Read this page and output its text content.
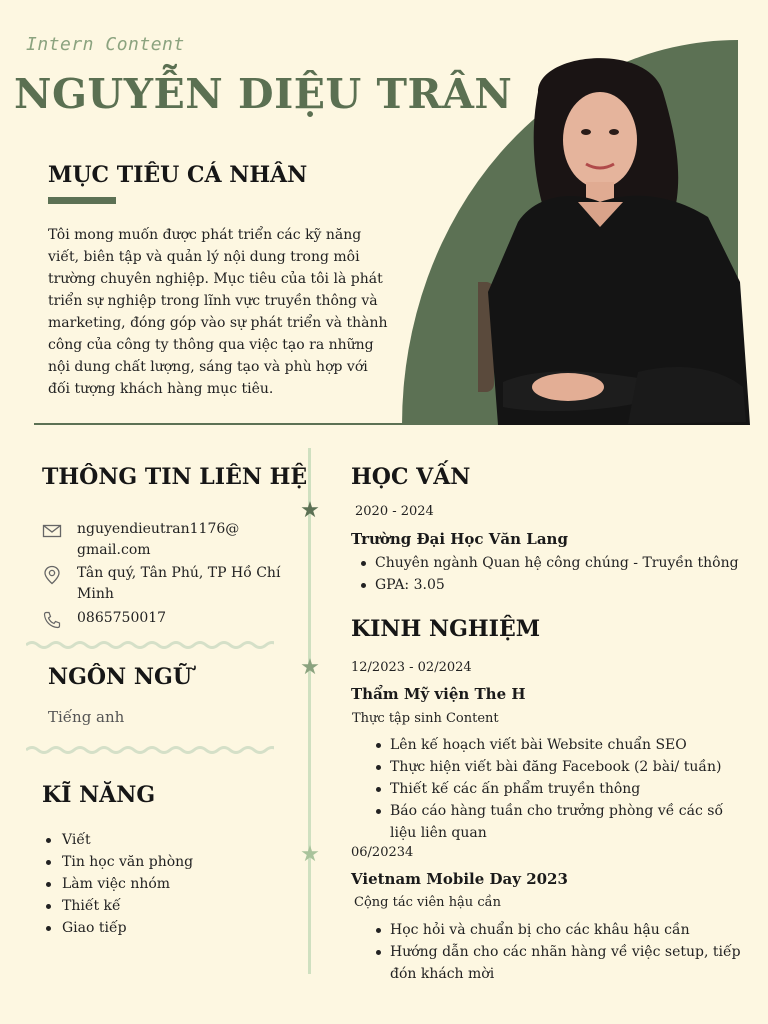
Intern Content
NGUYỄN DIỆU TRÂN
MỤC TIÊU CÁ NHÂN
Tôi mong muốn được phát triển các kỹ năng viết, biên tập và quản lý nội dung trong môi trường chuyên nghiệp. Mục tiêu của tôi là phát triển sự nghiệp trong lĩnh vực truyền thông và marketing, đóng góp vào sự phát triển và thành công của công ty thông qua việc tạo ra những nội dung chất lượng, sáng tạo và phù hợp với đối tượng khách hàng mục tiêu.
★
★
★
THÔNG TIN LIÊN HỆ
nguyendieutran1176@ gmail.com
Tân quý, Tân Phú, TP Hồ Chí Minh
0865750017
NGÔN NGỮ
Tiếng anh
KĨ NĂNG
Viết
Tin học văn phòng
Làm việc nhóm
Thiết kế
Giao tiếp
HỌC VẤN
2020 - 2024
Trường Đại Học Văn Lang
Chuyên ngành Quan hệ công chúng - Truyền thông
GPA: 3.05
KINH NGHIỆM
12/2023 - 02/2024
Thẩm Mỹ viện The H
Thực tập sinh Content
Lên kế hoạch viết bài Website chuẩn SEO
Thực hiện viết bài đăng Facebook (2 bài/ tuần)
Thiết kế các ấn phẩm truyền thông
Báo cáo hàng tuần cho trưởng phòng về các số liệu liên quan
06/20234
Vietnam Mobile Day 2023
Cộng tác viên hậu cần
Học hỏi và chuẩn bị cho các khâu hậu cần
Hướng dẫn cho các nhãn hàng về việc setup, tiếp đón khách mời
